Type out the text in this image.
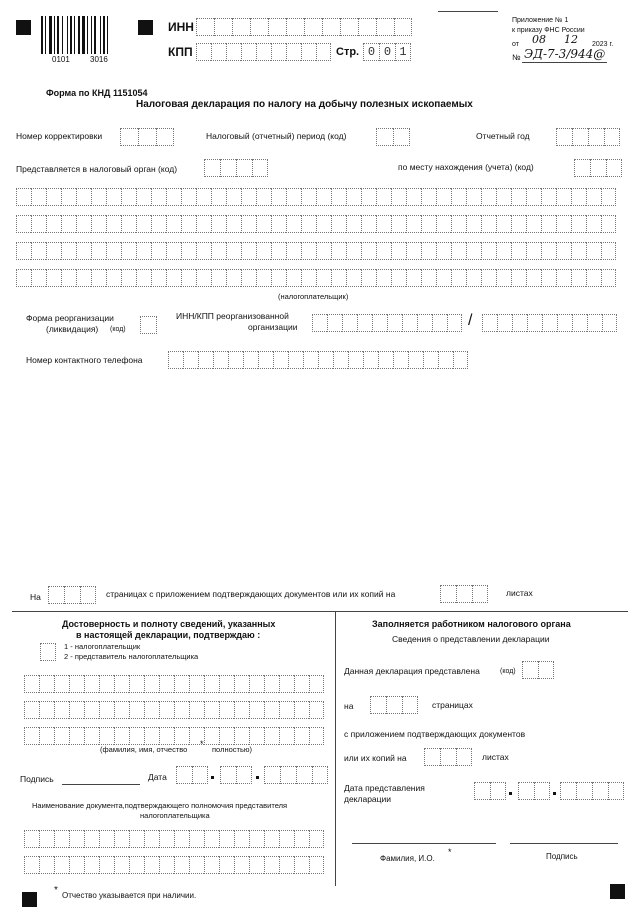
0101	3016
ИНН
КПП	Стр. 0 0 1
Приложение № 1
к приказу ФНС России
от 08 12 2023 г.
№ ЭД-7-3/944@
Форма по КНД 1151054
Налоговая декларация по налогу на добычу полезных ископаемых
Номер корректировки	Налоговый (отчетный) период (код)	Отчетный год
Представляется в налоговый орган (код)	по месту нахождения (учета) (код)
(налогоплательщик)
Форма реорганизации
(ликвидация) (код)
ИНН/КПП реорганизованной
организации	/
Номер контактного телефона
На	страницах с приложением подтверждающих документов или их копий на	листах
Достоверность и полноту сведений, указанных
в настоящей декларации, подтверждаю :
1 - налогоплательщик
2 - представитель налогоплательщика
(фамилия, имя, отчество
*
полностью)
Подпись	Дата
Наименование документа,подтверждающего полномочия представителя
налогоплательщика
Заполняется работником налогового органа
Сведения о представлении декларации
Данная декларация представлена	(код)
на	страницах
с приложением подтверждающих документов
или их копий на	листах
Дата представления
декларации
Фамилия, И.О.
*	Подпись
* Отчество указывается при наличии.
